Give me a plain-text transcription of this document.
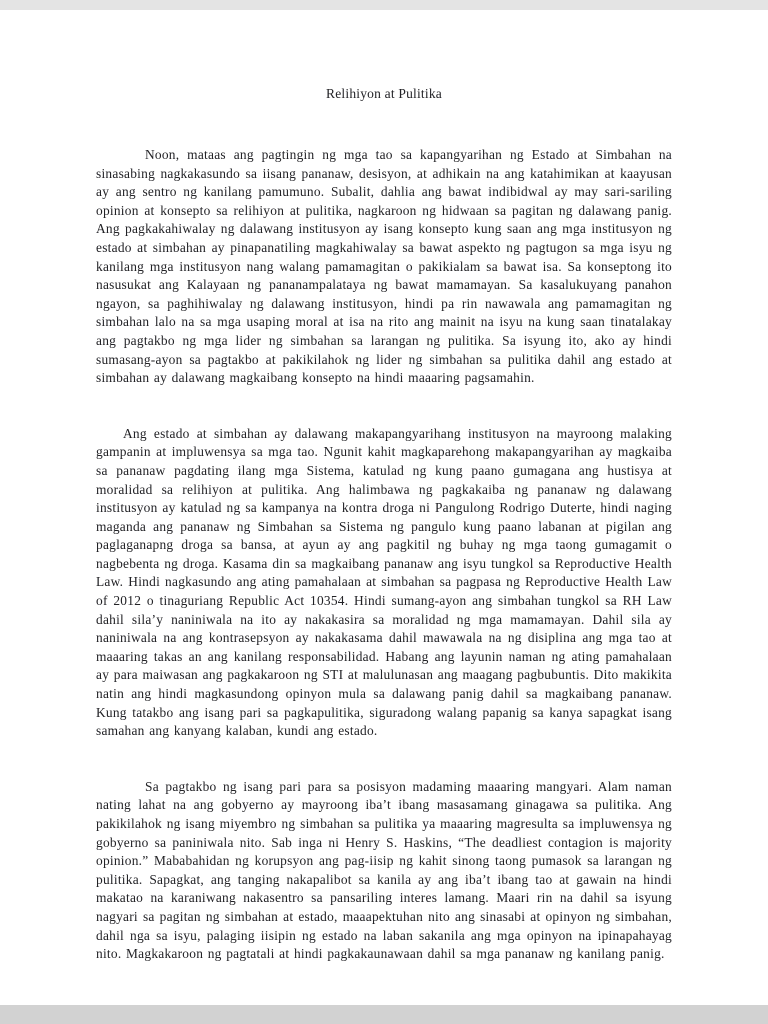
Relihiyon at Pulitika

Noon, mataas ang pagtingin ng mga tao sa kapangyarihan ng Estado at Simbahan na sinasabing nagkakasundo sa iisang pananaw, desisyon, at adhikain na ang katahimikan at kaayusan ay ang sentro ng kanilang pamumuno. Subalit, dahlia ang bawat indibidwal ay may sari-sariling opinion at konsepto sa relihiyon at pulitika, nagkaroon ng hidwaan sa pagitan ng dalawang panig. Ang pagkakahiwalay ng dalawang institusyon ay isang konsepto kung saan ang mga institusyon ng estado at simbahan ay pinapanatiling magkahiwalay sa bawat aspekto ng pagtugon sa mga isyu ng kanilang mga institusyon nang walang pamamagitan o pakikialam sa bawat isa. Sa konseptong ito nasusukat ang Kalayaan ng pananampalataya ng bawat mamamayan. Sa kasalukuyang panahon ngayon, sa paghihiwalay ng dalawang institusyon, hindi pa rin nawawala ang pamamagitan ng simbahan lalo na sa mga usaping moral at isa na rito ang mainit na isyu na kung saan tinatalakay ang pagtakbo ng mga lider ng simbahan sa larangan ng pulitika. Sa isyung ito, ako ay hindi sumasang-ayon sa pagtakbo at pakikilahok ng lider ng simbahan sa pulitika dahil ang estado at simbahan ay dalawang magkaibang konsepto na hindi maaaring pagsamahin.

Ang estado at simbahan ay dalawang makapangyarihang institusyon na mayroong malaking gampanin at impluwensya sa mga tao. Ngunit kahit magkaparehong makapangyarihan ay magkaiba sa pananaw pagdating ilang mga Sistema, katulad ng kung paano gumagana ang hustisya at moralidad sa relihiyon at pulitika. Ang halimbawa ng pagkakaiba ng pananaw ng dalawang institusyon ay katulad ng sa kampanya na kontra droga ni Pangulong Rodrigo Duterte, hindi naging maganda ang pananaw ng Simbahan sa Sistema ng pangulo kung paano labanan at pigilan ang paglaganapng droga sa bansa, at ayun ay ang pagkitil ng buhay ng mga taong gumagamit o nagbebenta ng droga. Kasama din sa magkaibang pananaw ang isyu tungkol sa Reproductive Health Law. Hindi nagkasundo ang ating pamahalaan at simbahan sa pagpasa ng Reproductive Health Law of 2012 o tinaguriang Republic Act 10354. Hindi sumang-ayon ang simbahan tungkol sa RH Law dahil sila’y naniniwala na ito ay nakakasira sa moralidad ng mga mamamayan. Dahil sila ay naniniwala na ang kontrasepsyon ay nakakasama dahil mawawala na ng disiplina ang mga tao at maaaring takas an ang kanilang responsabilidad. Habang ang layunin naman ng ating pamahalaan ay para maiwasan ang pagkakaroon ng STI at malulunasan ang maagang pagbubuntis. Dito makikita natin ang hindi magkasundong opinyon mula sa dalawang panig dahil sa magkaibang pananaw. Kung tatakbo ang isang pari sa pagkapulitika, siguradong walang papanig sa kanya sapagkat isang samahan ang kanyang kalaban, kundi ang estado.

Sa pagtakbo ng isang pari para sa posisyon madaming maaaring mangyari. Alam naman nating lahat na ang gobyerno ay mayroong iba’t ibang masasamang ginagawa sa pulitika. Ang pakikilahok ng isang miyembro ng simbahan sa pulitika ya maaaring magresulta sa impluwensya ng gobyerno sa paniniwala nito. Sab inga ni Henry S. Haskins, “The deadliest contagion is majority opinion.” Mababahidan ng korupsyon ang pag-iisip ng kahit sinong taong pumasok sa larangan ng pulitika. Sapagkat, ang tanging nakapalibot sa kanila ay ang iba’t ibang tao at gawain na hindi makatao na karaniwang nakasentro sa pansariling interes lamang. Maari rin na dahil sa isyung nagyari sa pagitan ng simbahan at estado, maaapektuhan nito ang sinasabi at opinyon ng simbahan, dahil nga sa isyu, palaging iisipin ng estado na laban sakanila ang mga opinyon na ipinapahayag nito. Magkakaroon ng pagtatali at hindi pagkakaunawaan dahil sa mga pananaw ng kanilang panig.
